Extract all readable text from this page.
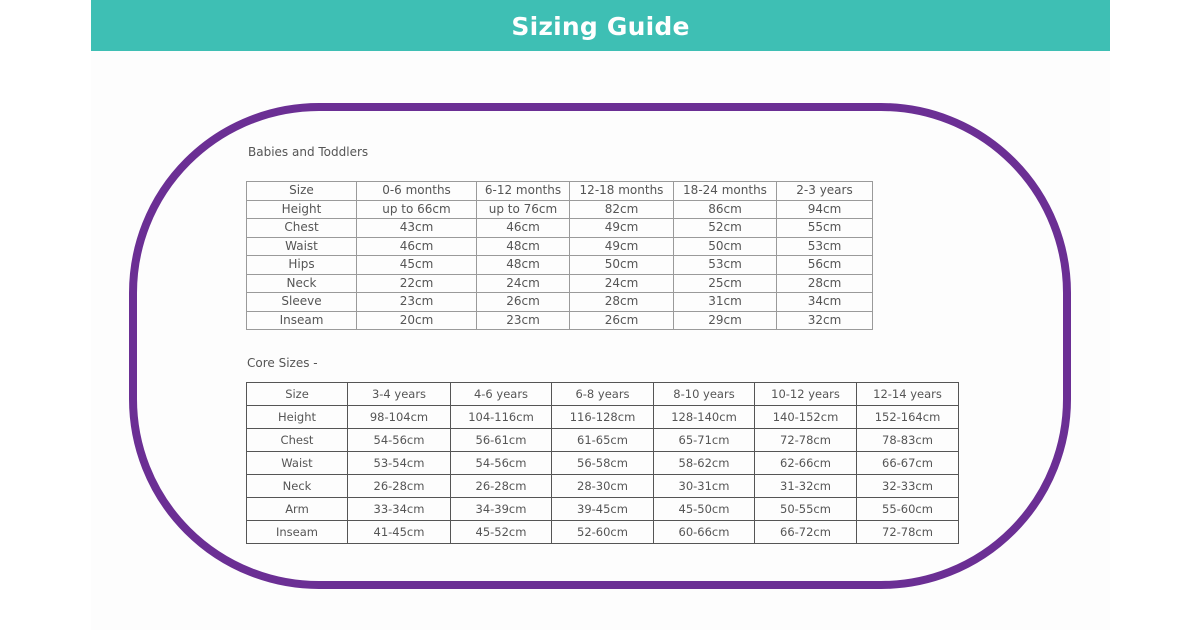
Sizing Guide
Babies and Toddlers
Size	0-6 months	6-12 months	12-18 months	18-24 months	2-3 years
Height	up to 66cm	up to 76cm	82cm	86cm	94cm
Chest	43cm	46cm	49cm	52cm	55cm
Waist	46cm	48cm	49cm	50cm	53cm
Hips	45cm	48cm	50cm	53cm	56cm
Neck	22cm	24cm	24cm	25cm	28cm
Sleeve	23cm	26cm	28cm	31cm	34cm
Inseam	20cm	23cm	26cm	29cm	32cm
Core Sizes -
Size	3-4 years	4-6 years	6-8 years	8-10 years	10-12 years	12-14 years
Height	98-104cm	104-116cm	116-128cm	128-140cm	140-152cm	152-164cm
Chest	54-56cm	56-61cm	61-65cm	65-71cm	72-78cm	78-83cm
Waist	53-54cm	54-56cm	56-58cm	58-62cm	62-66cm	66-67cm
Neck	26-28cm	26-28cm	28-30cm	30-31cm	31-32cm	32-33cm
Arm	33-34cm	34-39cm	39-45cm	45-50cm	50-55cm	55-60cm
Inseam	41-45cm	45-52cm	52-60cm	60-66cm	66-72cm	72-78cm
